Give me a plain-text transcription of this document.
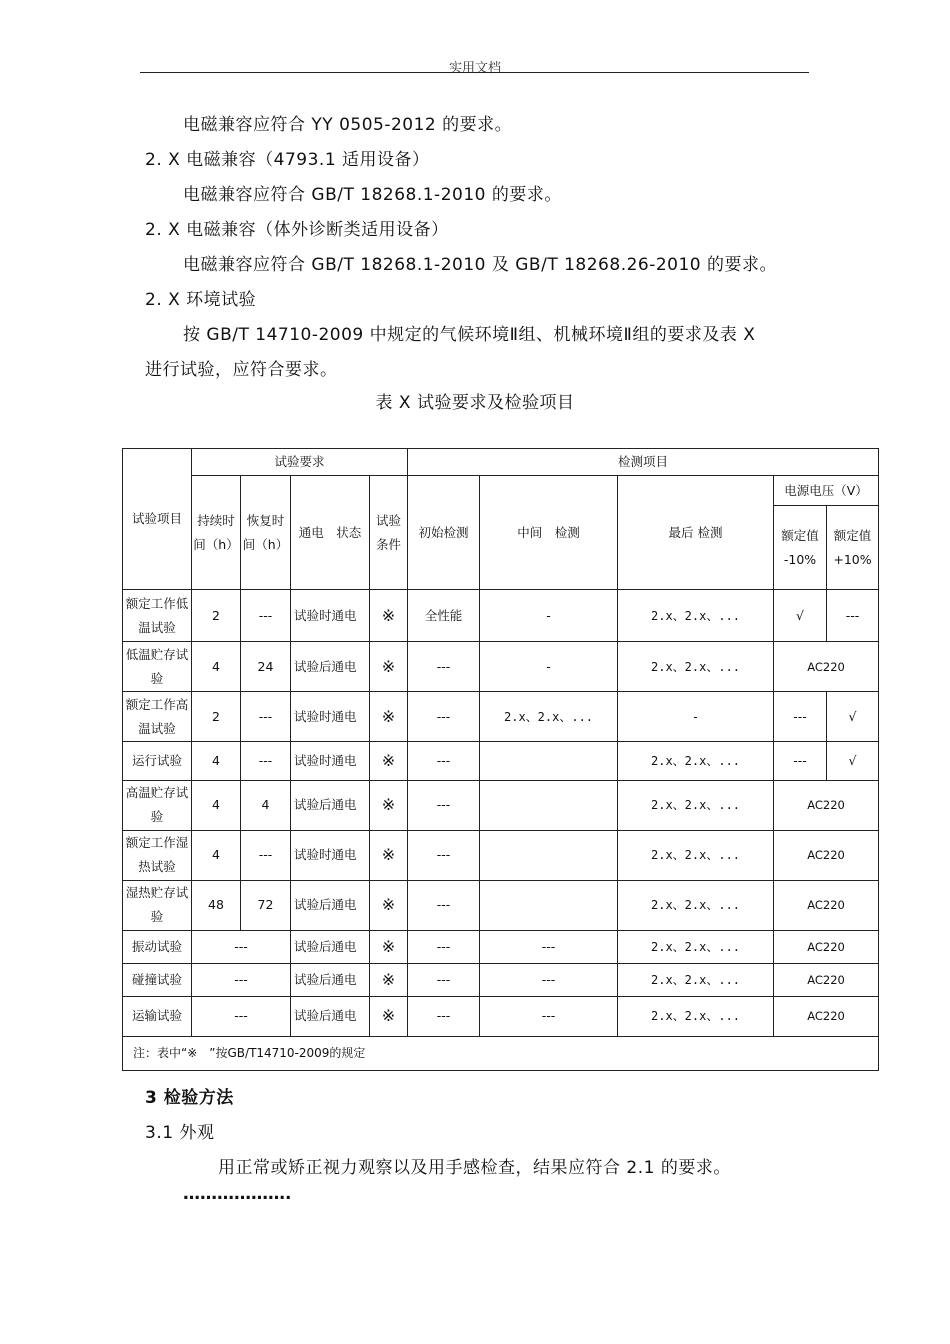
实用文档
电磁兼容应符合 YY 0505-2012 的要求。
2. X 电磁兼容（4793.1 适用设备）
电磁兼容应符合 GB/T 18268.1-2010 的要求。
2. X 电磁兼容（体外诊断类适用设备）
电磁兼容应符合 GB/T 18268.1-2010 及 GB/T 18268.26-2010 的要求。
2. X 环境试验
按 GB/T 14710-2009 中规定的气候环境Ⅱ组、机械环境Ⅱ组的要求及表 X
进行试验，应符合要求。
表 X 试验要求及检验项目
试验项目	试验要求				检测项目				
	持续时间（h）	恢复时间（h）	通电　状态	试验条件	初始检测	中间　检测	最后 检测	电源电压（V）	
								额定值 -10%	额定值 +10%
额定工作低温试验	2	---	试验时通电	※	全性能	-	2.x、2.x、...	√	---
低温贮存试验	4	24	试验后通电	※	---	-	2.x、2.x、...	AC220	
额定工作高温试验	2	---	试验时通电	※	---	2.x、2.x、...	-	---	√
运行试验	4	---	试验时通电	※	---		2.x、2.x、...	---	√
高温贮存试验	4	4	试验后通电	※	---		2.x、2.x、...	AC220	
额定工作湿热试验	4	---	试验时通电	※	---		2.x、2.x、...	AC220	
湿热贮存试验	48	72	试验后通电	※	---		2.x、2.x、...	AC220	
振动试验	---		试验后通电	※	---	---	2.x、2.x、...	AC220	
碰撞试验	---		试验后通电	※	---	---	2.x、2.x、...	AC220	
运输试验	---		试验后通电	※	---	---	2.x、2.x、...	AC220	
注：表中“※　”按GB/T14710-2009的规定									
3 检验方法
3.1 外观
用正常或矫正视力观察以及用手感检查，结果应符合 2.1 的要求。
……………….
